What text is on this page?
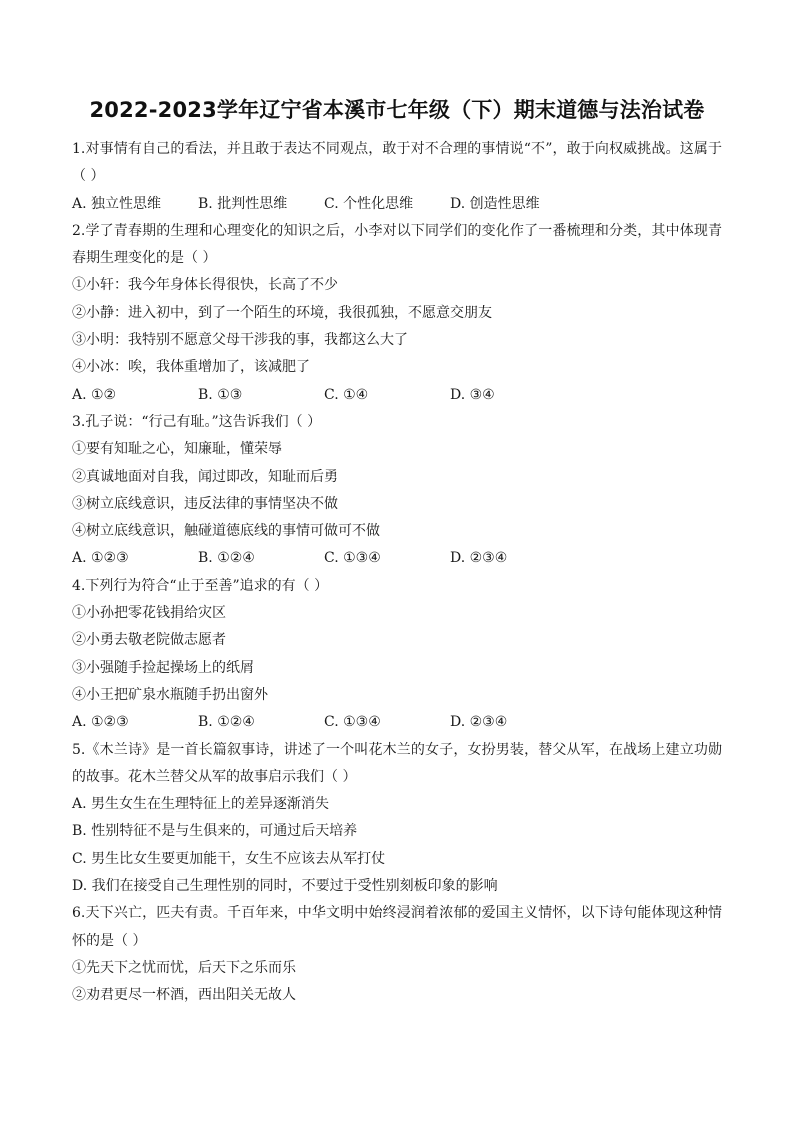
2022-2023学年辽宁省本溪市七年级（下）期末道德与法治试卷
1.对事情有自己的看法，并且敢于表达不同观点，敢于对不合理的事情说“不”，敢于向权威挑战。这属于（ ）
A. 独立性思维	B. 批判性思维	C. 个性化思维	D. 创造性思维
2.学了青春期的生理和心理变化的知识之后，小李对以下同学们的变化作了一番梳理和分类，其中体现青春期生理变化的是（ ）
①小轩：我今年身体长得很快，长高了不少
②小静：进入初中，到了一个陌生的环境，我很孤独，不愿意交朋友
③小明：我特别不愿意父母干涉我的事，我都这么大了
④小冰：唉，我体重增加了，该减肥了
A. ①②	B. ①③	C. ①④	D. ③④
3.孔子说：“行己有耻。”这告诉我们（ ）
①要有知耻之心，知廉耻，懂荣辱
②真诚地面对自我，闻过即改，知耻而后勇
③树立底线意识，违反法律的事情坚决不做
④树立底线意识，触碰道德底线的事情可做可不做
A. ①②③	B. ①②④	C. ①③④	D. ②③④
4.下列行为符合“止于至善”追求的有（ ）
①小孙把零花钱捐给灾区
②小勇去敬老院做志愿者
③小强随手捡起操场上的纸屑
④小王把矿泉水瓶随手扔出窗外
A. ①②③	B. ①②④	C. ①③④	D. ②③④
5.《木兰诗》是一首长篇叙事诗，讲述了一个叫花木兰的女子，女扮男装，替父从军，在战场上建立功勋的故事。花木兰替父从军的故事启示我们（ ）
A. 男生女生在生理特征上的差异逐渐消失
B. 性别特征不是与生俱来的，可通过后天培养
C. 男生比女生要更加能干，女生不应该去从军打仗
D. 我们在接受自己生理性别的同时，不要过于受性别刻板印象的影响
6.天下兴亡，匹夫有责。千百年来，中华文明中始终浸润着浓郁的爱国主义情怀，以下诗句能体现这种情怀的是（ ）
①先天下之忧而忧，后天下之乐而乐
②劝君更尽一杯酒，西出阳关无故人
